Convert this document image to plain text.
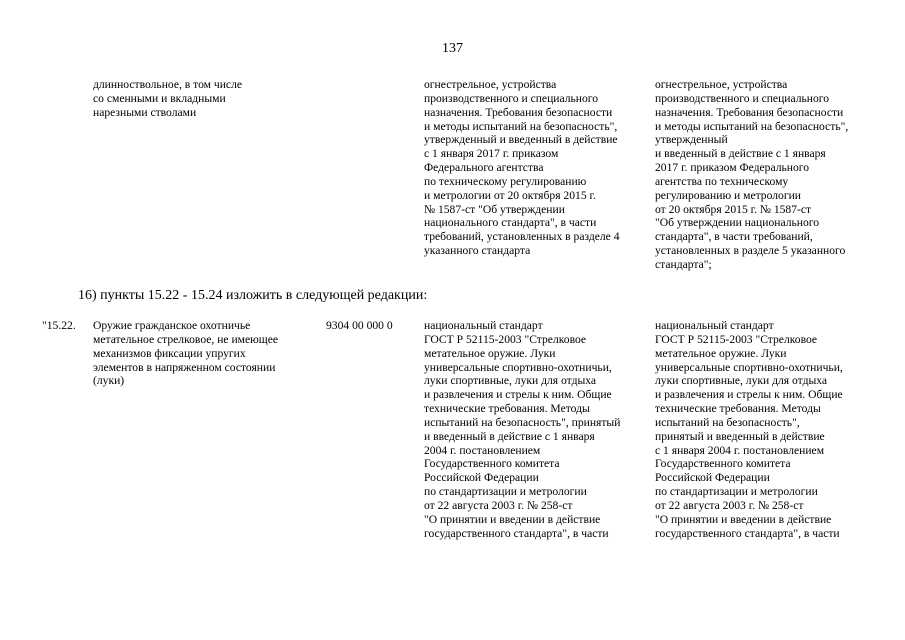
137
длинноствольное, в том числе
со сменными и вкладными
нарезными стволами
огнестрельное, устройства
производственного и специального
назначения. Требования безопасности
и методы испытаний на безопасность",
утвержденный и введенный в действие
с 1 января 2017 г. приказом
Федерального агентства
по техническому регулированию
и метрологии от 20 октября 2015 г.
№ 1587-ст "Об утверждении
национального стандарта", в части
требований, установленных в разделе 4
указанного стандарта
огнестрельное, устройства
производственного и специального
назначения. Требования безопасности
и методы испытаний на безопасность",
утвержденный
и введенный в действие с 1 января
2017 г. приказом Федерального
агентства по техническому
регулированию и метрологии
от 20 октября 2015 г. № 1587-ст
"Об утверждении национального
стандарта", в части требований,
установленных в разделе 5 указанного
стандарта";
16) пункты 15.22 - 15.24 изложить в следующей редакции:
"15.22. Оружие гражданское охотничье
метательное стрелковое, не имеющее
механизмов фиксации упругих
элементов в напряженном состоянии
(луки)
9304 00 000 0	национальный стандарт
ГОСТ Р 52115-2003 "Стрелковое
метательное оружие. Луки
универсальные спортивно-охотничьи,
луки спортивные, луки для отдыха
и развлечения и стрелы к ним. Общие
технические требования. Методы
испытаний на безопасность", принятый
и введенный в действие с 1 января
2004 г. постановлением
Государственного комитета
Российской Федерации
по стандартизации и метрологии
от 22 августа 2003 г. № 258-ст
"О принятии и введении в действие
государственного стандарта", в части
национальный стандарт
ГОСТ Р 52115-2003 "Стрелковое
метательное оружие. Луки
универсальные спортивно-охотничьи,
луки спортивные, луки для отдыха
и развлечения и стрелы к ним. Общие
технические требования. Методы
испытаний на безопасность",
принятый и введенный в действие
с 1 января 2004 г. постановлением
Государственного комитета
Российской Федерации
по стандартизации и метрологии
от 22 августа 2003 г. № 258-ст
"О принятии и введении в действие
государственного стандарта", в части
